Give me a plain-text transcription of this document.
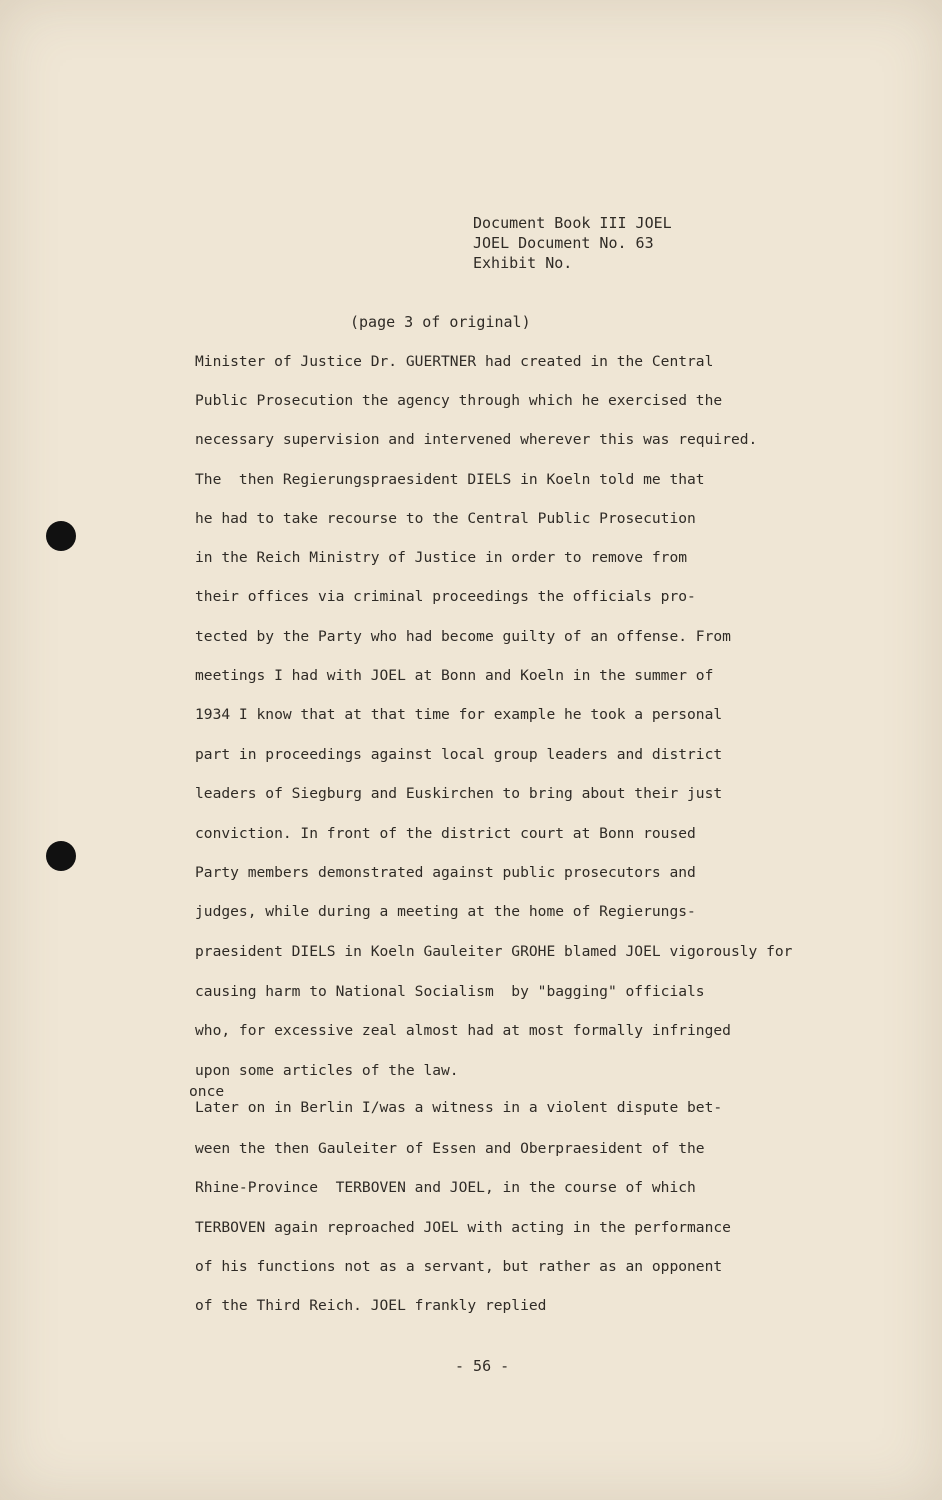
Document Book III JOEL
JOEL Document No. 63
Exhibit No.
(page 3 of original)
Minister of Justice Dr. GUERTNER had created in the Central
Public Prosecution the agency through which he exercised the
necessary supervision and intervened wherever this was required.
The  then Regierungspraesident DIELS in Koeln told me that
he had to take recourse to the Central Public Prosecution
in the Reich Ministry of Justice in order to remove from
their offices via criminal proceedings the officials pro-
tected by the Party who had become guilty of an offense. From
meetings I had with JOEL at Bonn and Koeln in the summer of
1934 I know that at that time for example he took a personal
part in proceedings against local group leaders and district
leaders of Siegburg and Euskirchen to bring about their just
conviction. In front of the district court at Bonn roused
Party members demonstrated against public prosecutors and
judges, while during a meeting at the home of Regierungs-
praesident DIELS in Koeln Gauleiter GROHE blamed JOEL vigorously for
causing harm to National Socialism  by "bagging" officials
who, for excessive zeal almost had at most formally infringed
upon some articles of the law.
Later on in Berlin I/was a witness in a violent dispute bet-
ween the then Gauleiter of Essen and Oberpraesident of the
Rhine-Province  TERBOVEN and JOEL, in the course of which
TERBOVEN again reproached JOEL with acting in the performance
of his functions not as a servant, but rather as an opponent
of the Third Reich. JOEL frankly replied
once
- 56 -
